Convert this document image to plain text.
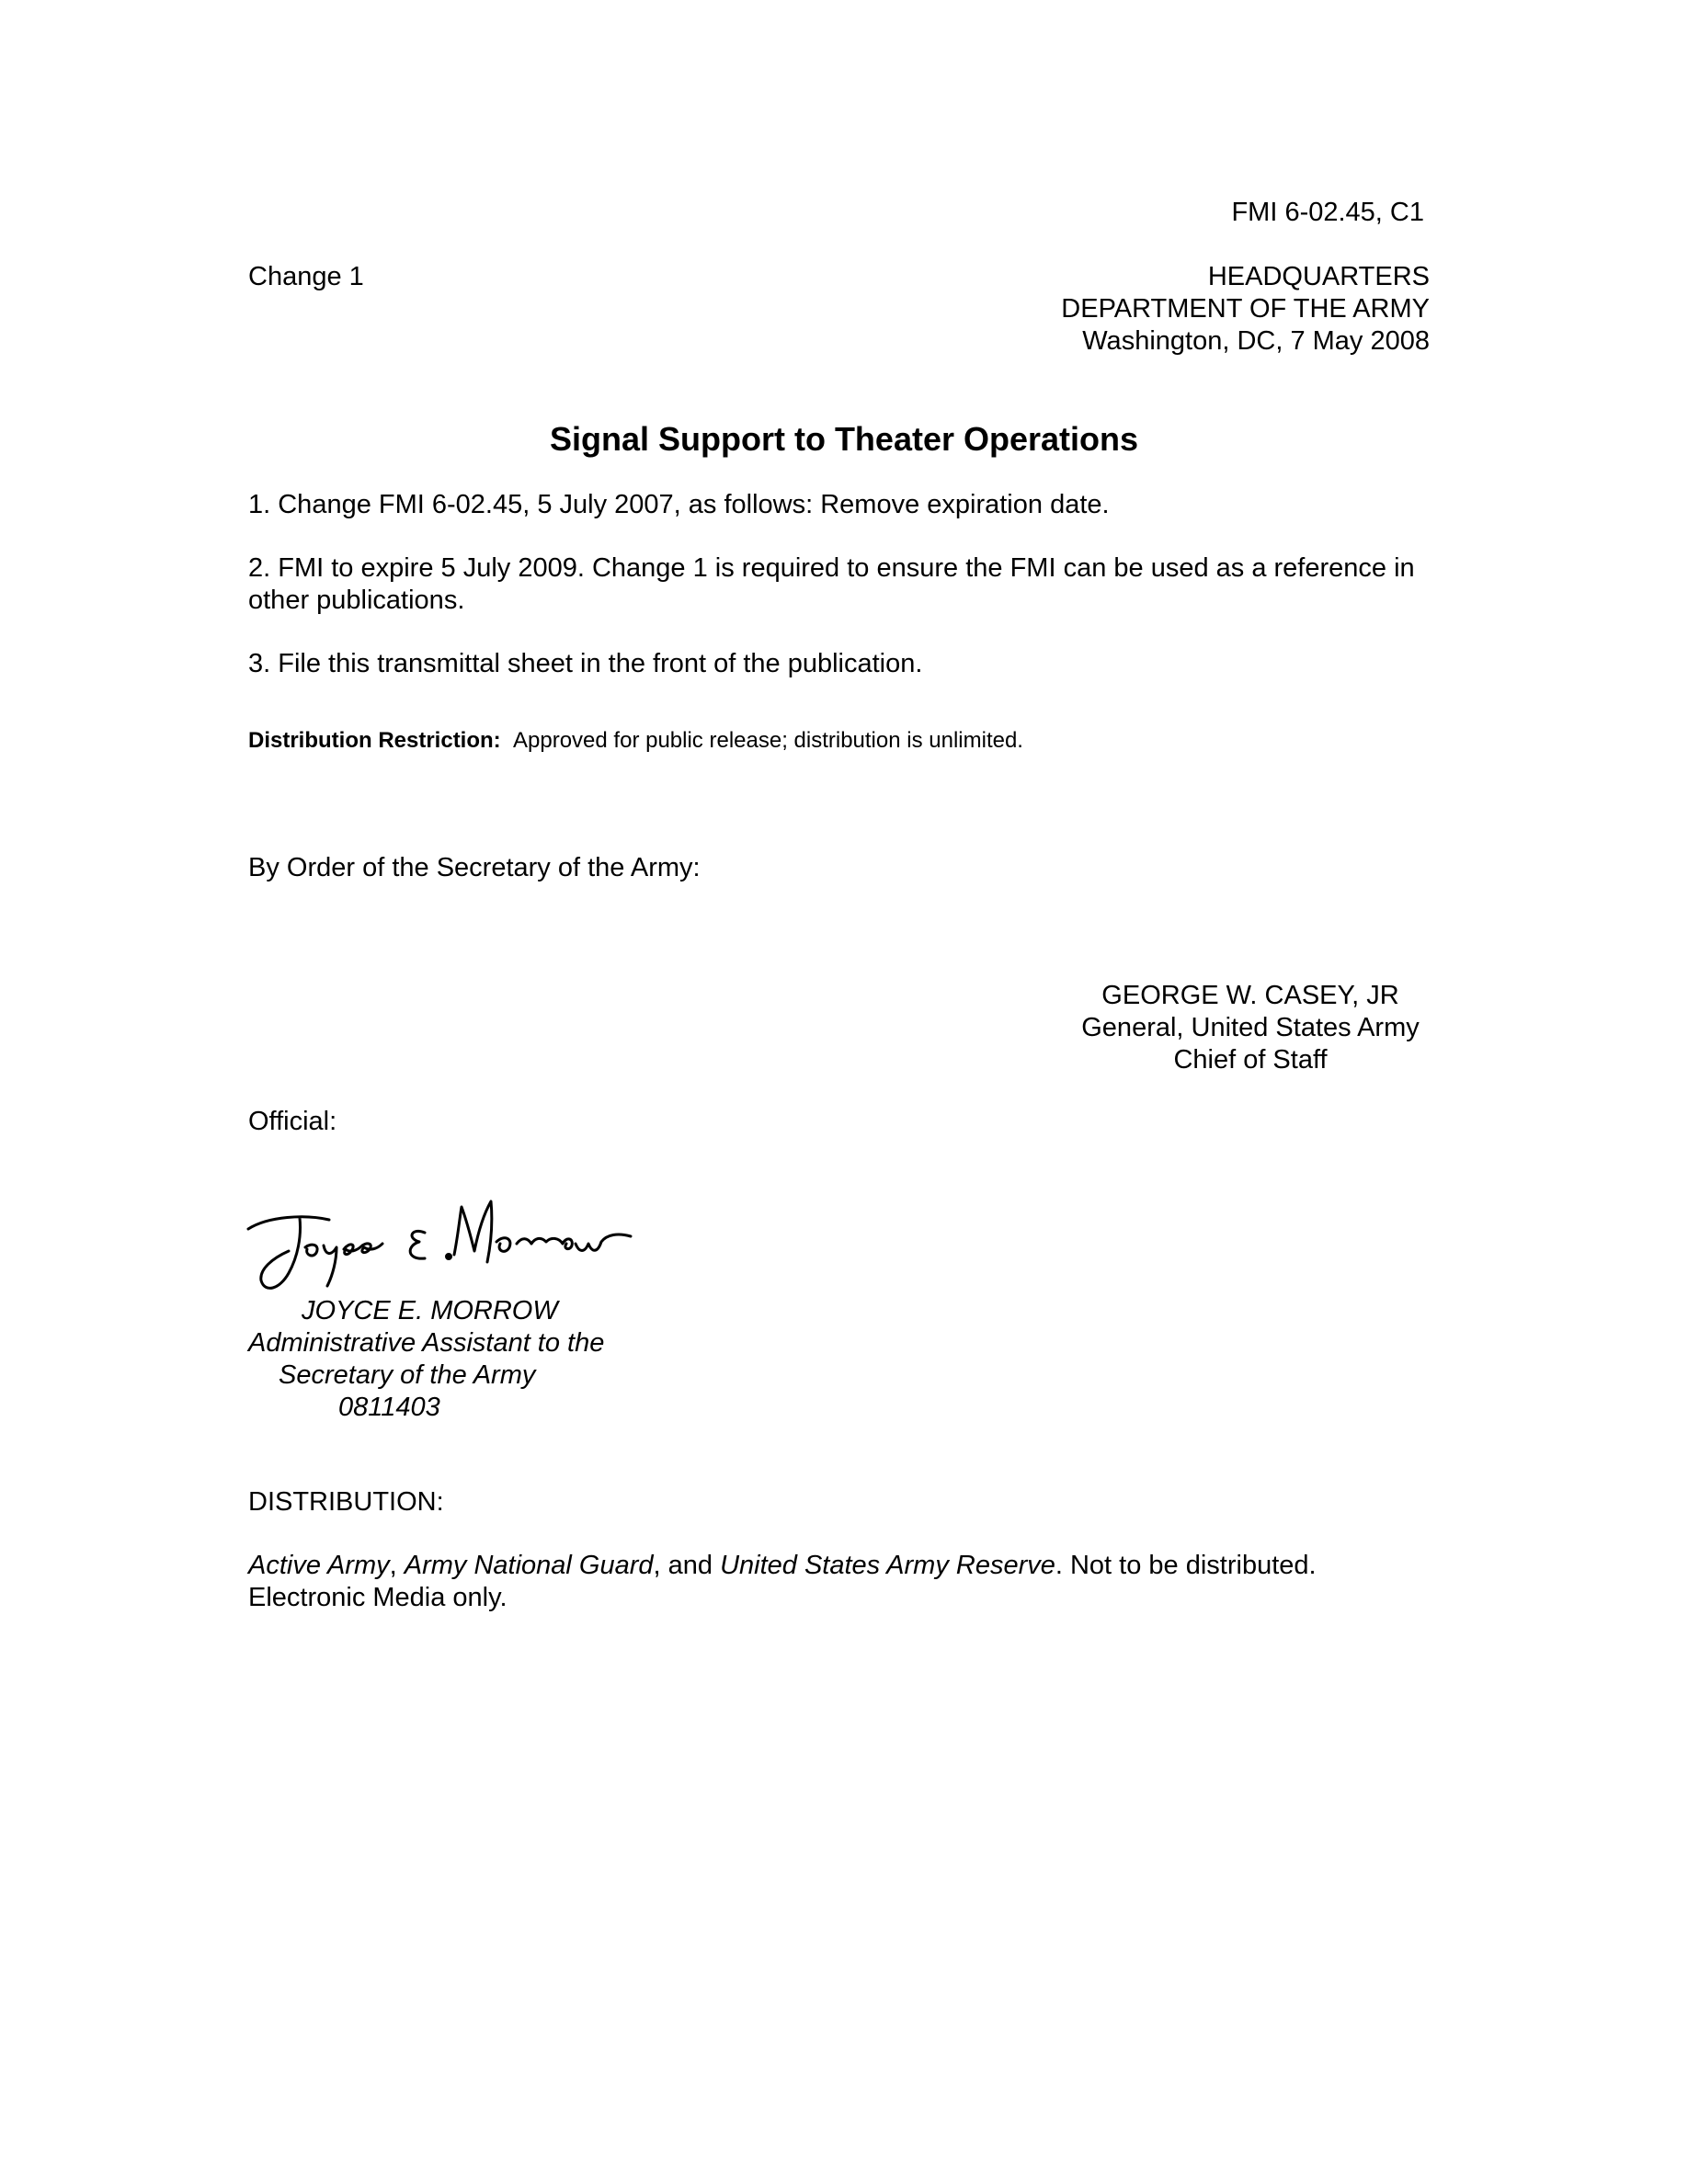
FMI 6-02.45, C1
Change 1	HEADQUARTERS
DEPARTMENT OF THE ARMY
Washington, DC, 7 May 2008
Signal Support to Theater Operations
1. Change FMI 6-02.45, 5 July 2007, as follows: Remove expiration date.
2. FMI to expire 5 July 2009. Change 1 is required to ensure the FMI can be used as a reference in other publications.
3. File this transmittal sheet in the front of the publication.
Distribution Restriction: Approved for public release; distribution is unlimited.
By Order of the Secretary of the Army:
GEORGE W. CASEY, JR
General, United States Army
Chief of Staff
Official:
JOYCE E. MORROW
Administrative Assistant to the
Secretary of the Army
0811403
DISTRIBUTION:
Active Army, Army National Guard, and United States Army Reserve. Not to be distributed.
Electronic Media only.
